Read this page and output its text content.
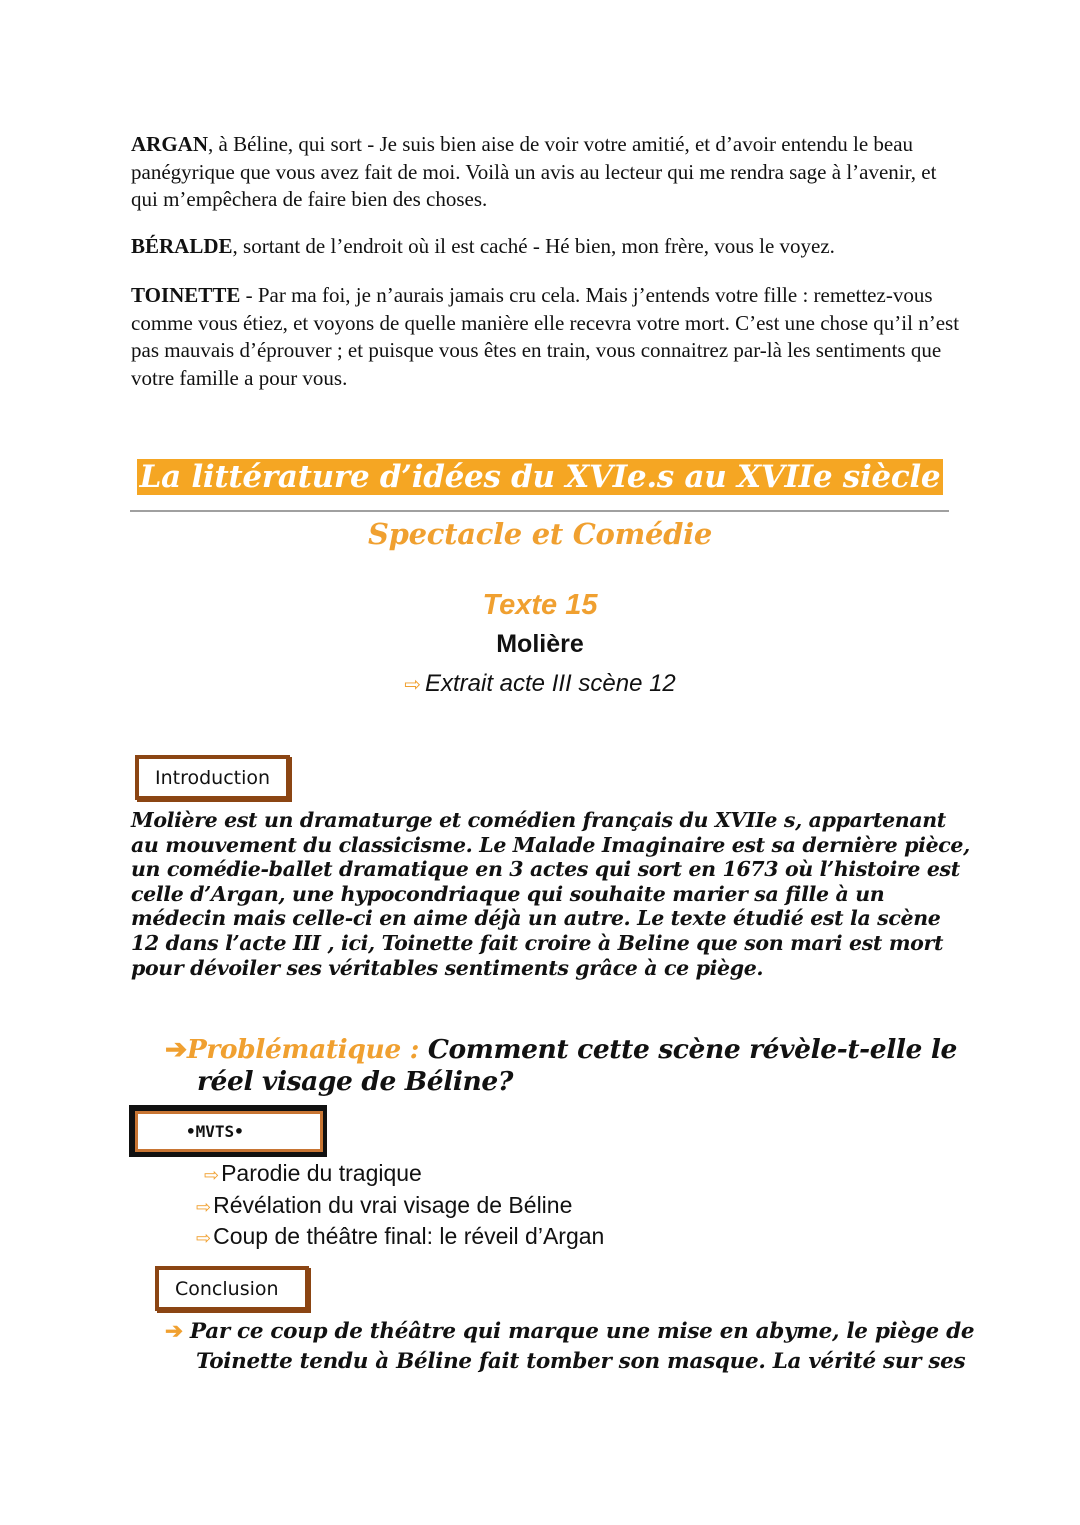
ARGAN, à Béline, qui sort - Je suis bien aise de voir votre amitié, et d’avoir entendu le beau panégyrique que vous avez fait de moi. Voilà un avis au lecteur qui me rendra sage à l’avenir, et qui m’empêchera de faire bien des choses.

BÉRALDE, sortant de l’endroit où il est caché - Hé bien, mon frère, vous le voyez.

TOINETTE - Par ma foi, je n’aurais jamais cru cela. Mais j’entends votre fille : remettez-vous comme vous étiez, et voyons de quelle manière elle recevra votre mort. C’est une chose qu’il n’est pas mauvais d’éprouver ; et puisque vous êtes en train, vous connaitrez par-là les sentiments que votre famille a pour vous.

La littérature d’idées du XVIe.s au XVIIe siècle
Spectacle et Comédie
Texte 15
Molière
⇨ Extrait acte III scène 12
Introduction

Molière est un dramaturge et comédien français du XVIIe s, appartenant au mouvement du classicisme. Le Malade Imaginaire est sa dernière pièce, un comédie-ballet dramatique en 3 actes qui sort en 1673 où l’histoire est celle d’Argan, une hypocondriaque qui souhaite marier sa fille à un médecin mais celle-ci en aime déjà un autre. Le texte étudié est la scène 12 dans l’acte III , ici, Toinette fait croire à Beline que son mari est mort pour dévoiler ses véritables sentiments grâce à ce piège.

➔Problématique : Comment cette scène révèle-t-elle le réel visage de Béline?

•MVTS•
⇨Parodie du tragique
⇨Révélation du vrai visage de Béline
⇨Coup de théâtre final: le réveil d’Argan
Conclusion

➔ Par ce coup de théâtre qui marque une mise en abyme, le piège de Toinette tendu à Béline fait tomber son masque. La vérité sur ses
